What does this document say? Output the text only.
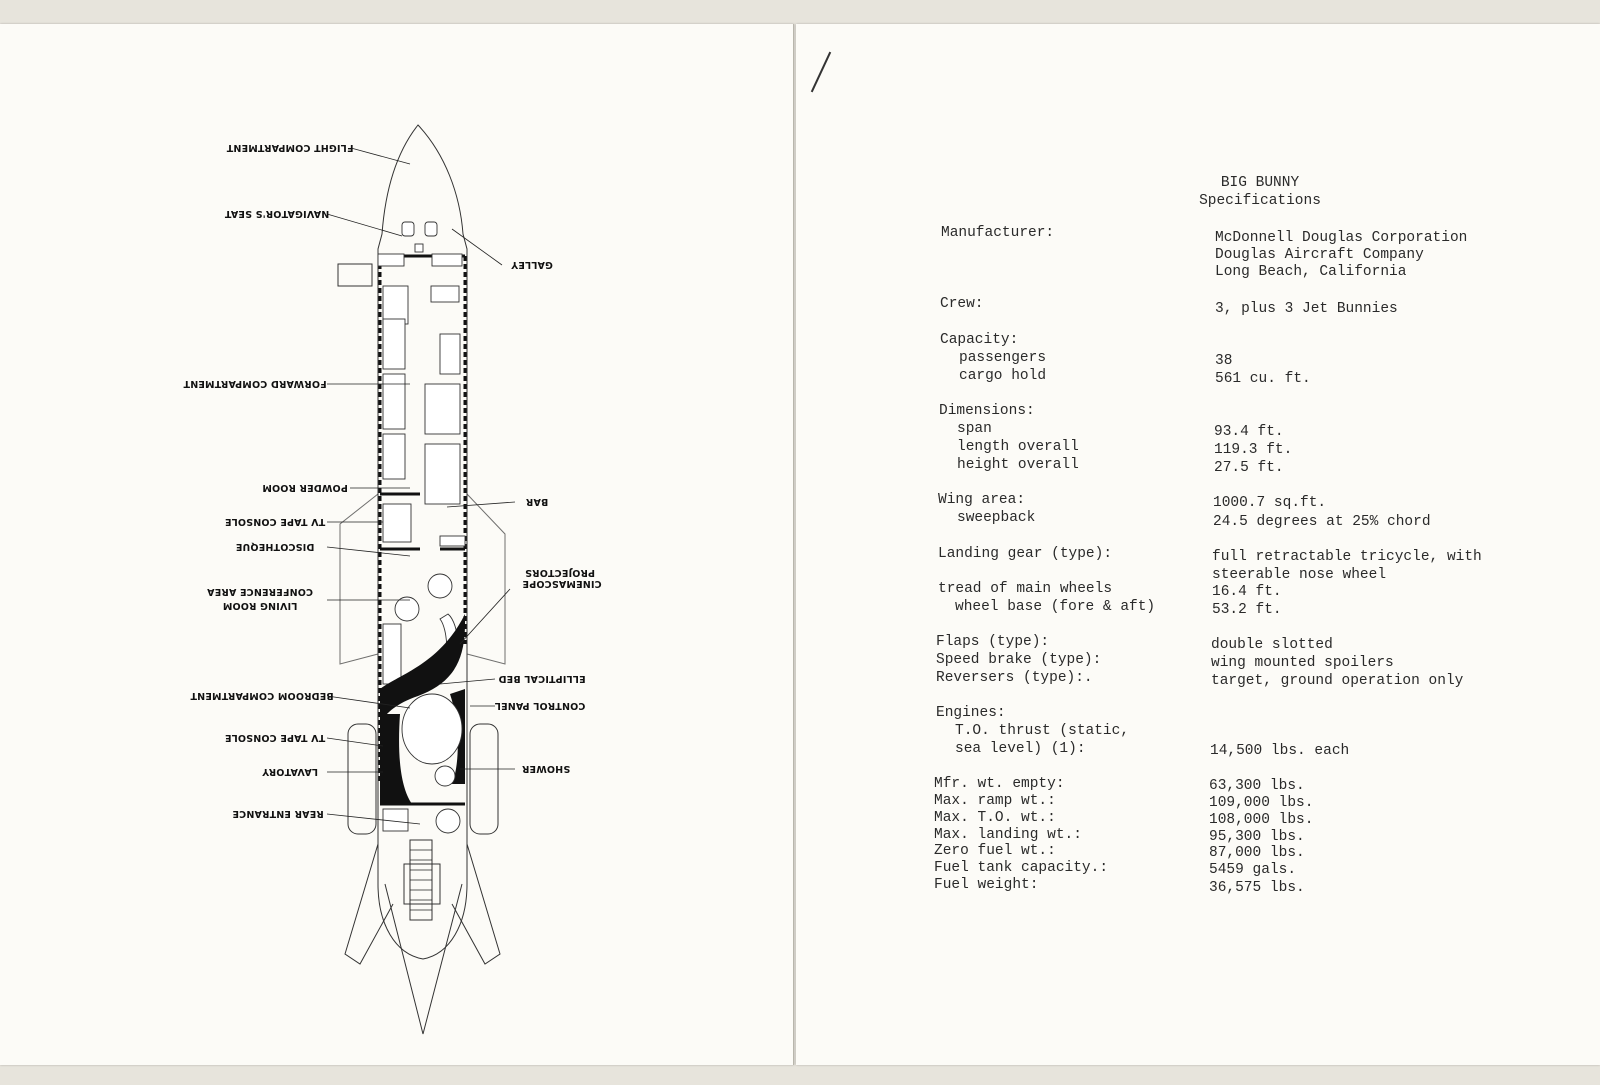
FLIGHT COMPARTMENT
NAVIGATOR'S SEAT
FORWARD COMPARTMENT
POWDER ROOM
TV TAPE CONSOLE
DISCOTHEQUE
CONFERENCE AREA
LIVING ROOM
BEDROOM COMPARTMENT
TV TAPE CONSOLE
LAVATORY
REAR ENTRANCE
GALLEY
BAR
CINEMASCOPE
PROJECTORS
ELLIPTICAL BED
CONTROL PANEL
SHOWER
BIG BUNNY
Specifications
Manufacturer:	McDonnell Douglas Corporation
Douglas Aircraft Company
Long Beach, California
Crew:	3, plus 3 Jet Bunnies
Capacity:
passengers	38
cargo hold	561 cu. ft.
Dimensions:
span	93.4 ft.
length overall	119.3 ft.
height overall	27.5 ft.
Wing area:	1000.7 sq.ft.
sweepback	24.5 degrees at 25% chord
Landing gear (type):	full retractable tricycle, with
steerable nose wheel
tread of main wheels	16.4 ft.
wheel base (fore & aft)	53.2 ft.
Flaps (type):	double slotted
Speed brake (type):	wing mounted spoilers
Reversers (type):.	target, ground operation only
Engines:
T.O. thrust (static,
sea level) (1):	14,500 lbs. each
Mfr. wt. empty:	63,300 lbs.
Max. ramp wt.:	109,000 lbs.
Max. T.O. wt.:	108,000 lbs.
Max. landing wt.:	95,300 lbs.
Zero fuel wt.:	87,000 lbs.
Fuel tank capacity.:	5459 gals.
Fuel weight:	36,575 lbs.
